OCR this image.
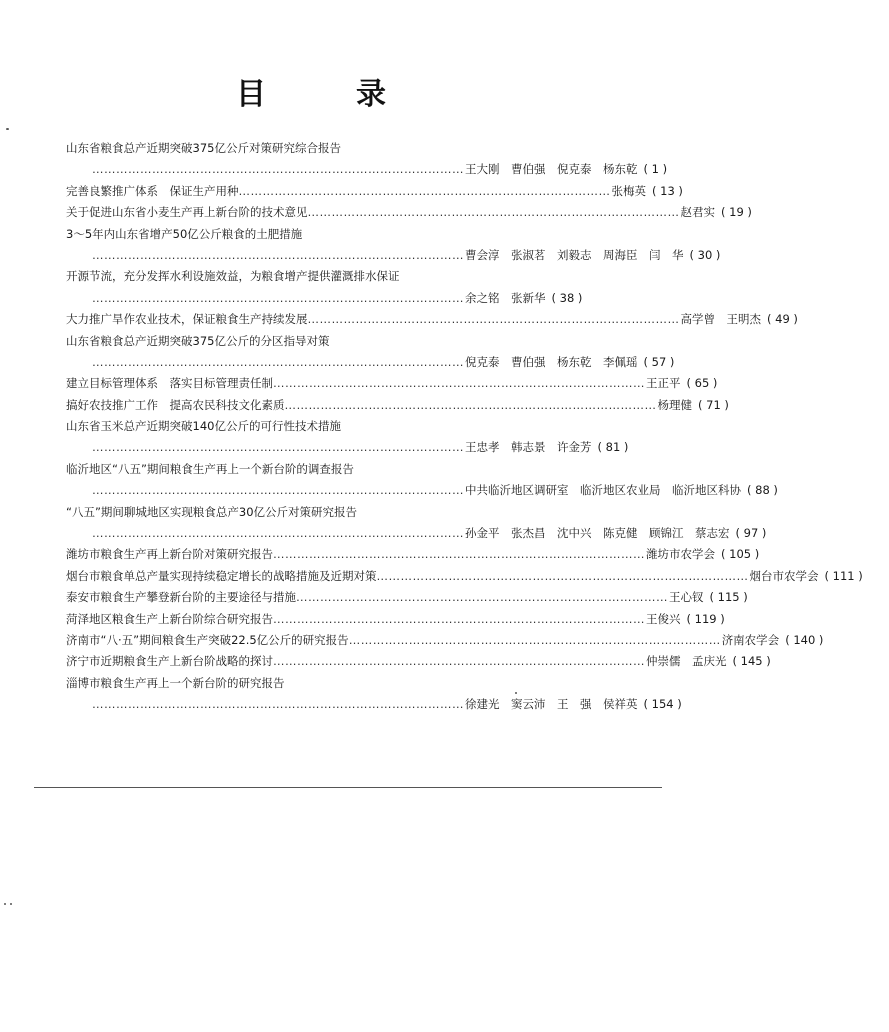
目	录
山东省粮食总产近期突破375亿公斤对策研究综合报告
………………………………………………………………………………… 王大刚　曹伯强　倪克泰　杨东乾 ( 1 )
完善良繁推广体系　保证生产用种 ………………………………………………………………………………… 张梅英 ( 13 )
关于促进山东省小麦生产再上新台阶的技术意见 ………………………………………………………………………………… 赵君实 ( 19 )
3～5年内山东省增产50亿公斤粮食的土肥措施
………………………………………………………………………………… 曹会淳　张淑茗　刘毅志　周海臣　闫　华 ( 30 )
开源节流，充分发挥水利设施效益，为粮食增产提供灌溉排水保证
………………………………………………………………………………… 余之铭　张新华 ( 38 )
大力推广旱作农业技术，保证粮食生产持续发展 ………………………………………………………………………………… 高学曾　王明杰 ( 49 )
山东省粮食总产近期突破375亿公斤的分区指导对策
………………………………………………………………………………… 倪克泰　曹伯强　杨东乾　李佩瑶 ( 57 )
建立目标管理体系　落实目标管理责任制 ………………………………………………………………………………… 王正平 ( 65 )
搞好农技推广工作　提高农民科技文化素质 ………………………………………………………………………………… 杨理健 ( 71 )
山东省玉米总产近期突破140亿公斤的可行性技术措施
………………………………………………………………………………… 王忠孝　韩志景　许金芳 ( 81 )
临沂地区“八五”期间粮食生产再上一个新台阶的调查报告
………………………………………………………………………………… 中共临沂地区调研室　临沂地区农业局　临沂地区科协 ( 88 )
“八五”期间聊城地区实现粮食总产30亿公斤对策研究报告
………………………………………………………………………………… 孙金平　张杰昌　沈中兴　陈克健　顾锦江　蔡志宏 ( 97 )
潍坊市粮食生产再上新台阶对策研究报告 ………………………………………………………………………………… 潍坊市农学会 ( 105 )
烟台市粮食单总产量实现持续稳定增长的战略措施及近期对策 ………………………………………………………………………………… 烟台市农学会 ( 111 )
泰安市粮食生产攀登新台阶的主要途径与措施 ………………………………………………………………………………… 王心钗 ( 115 )
菏泽地区粮食生产上新台阶综合研究报告 ………………………………………………………………………………… 王俊兴 ( 119 )
济南市“八·五”期间粮食生产突破22.5亿公斤的研究报告 ………………………………………………………………………………… 济南农学会 ( 140 )
济宁市近期粮食生产上新台阶战略的探讨 ………………………………………………………………………………… 仲崇儒　孟庆光 ( 145 )
淄博市粮食生产再上一个新台阶的研究报告
………………………………………………………………………………… 徐建光　窦云沛　王　强　侯祥英 ( 154 )
